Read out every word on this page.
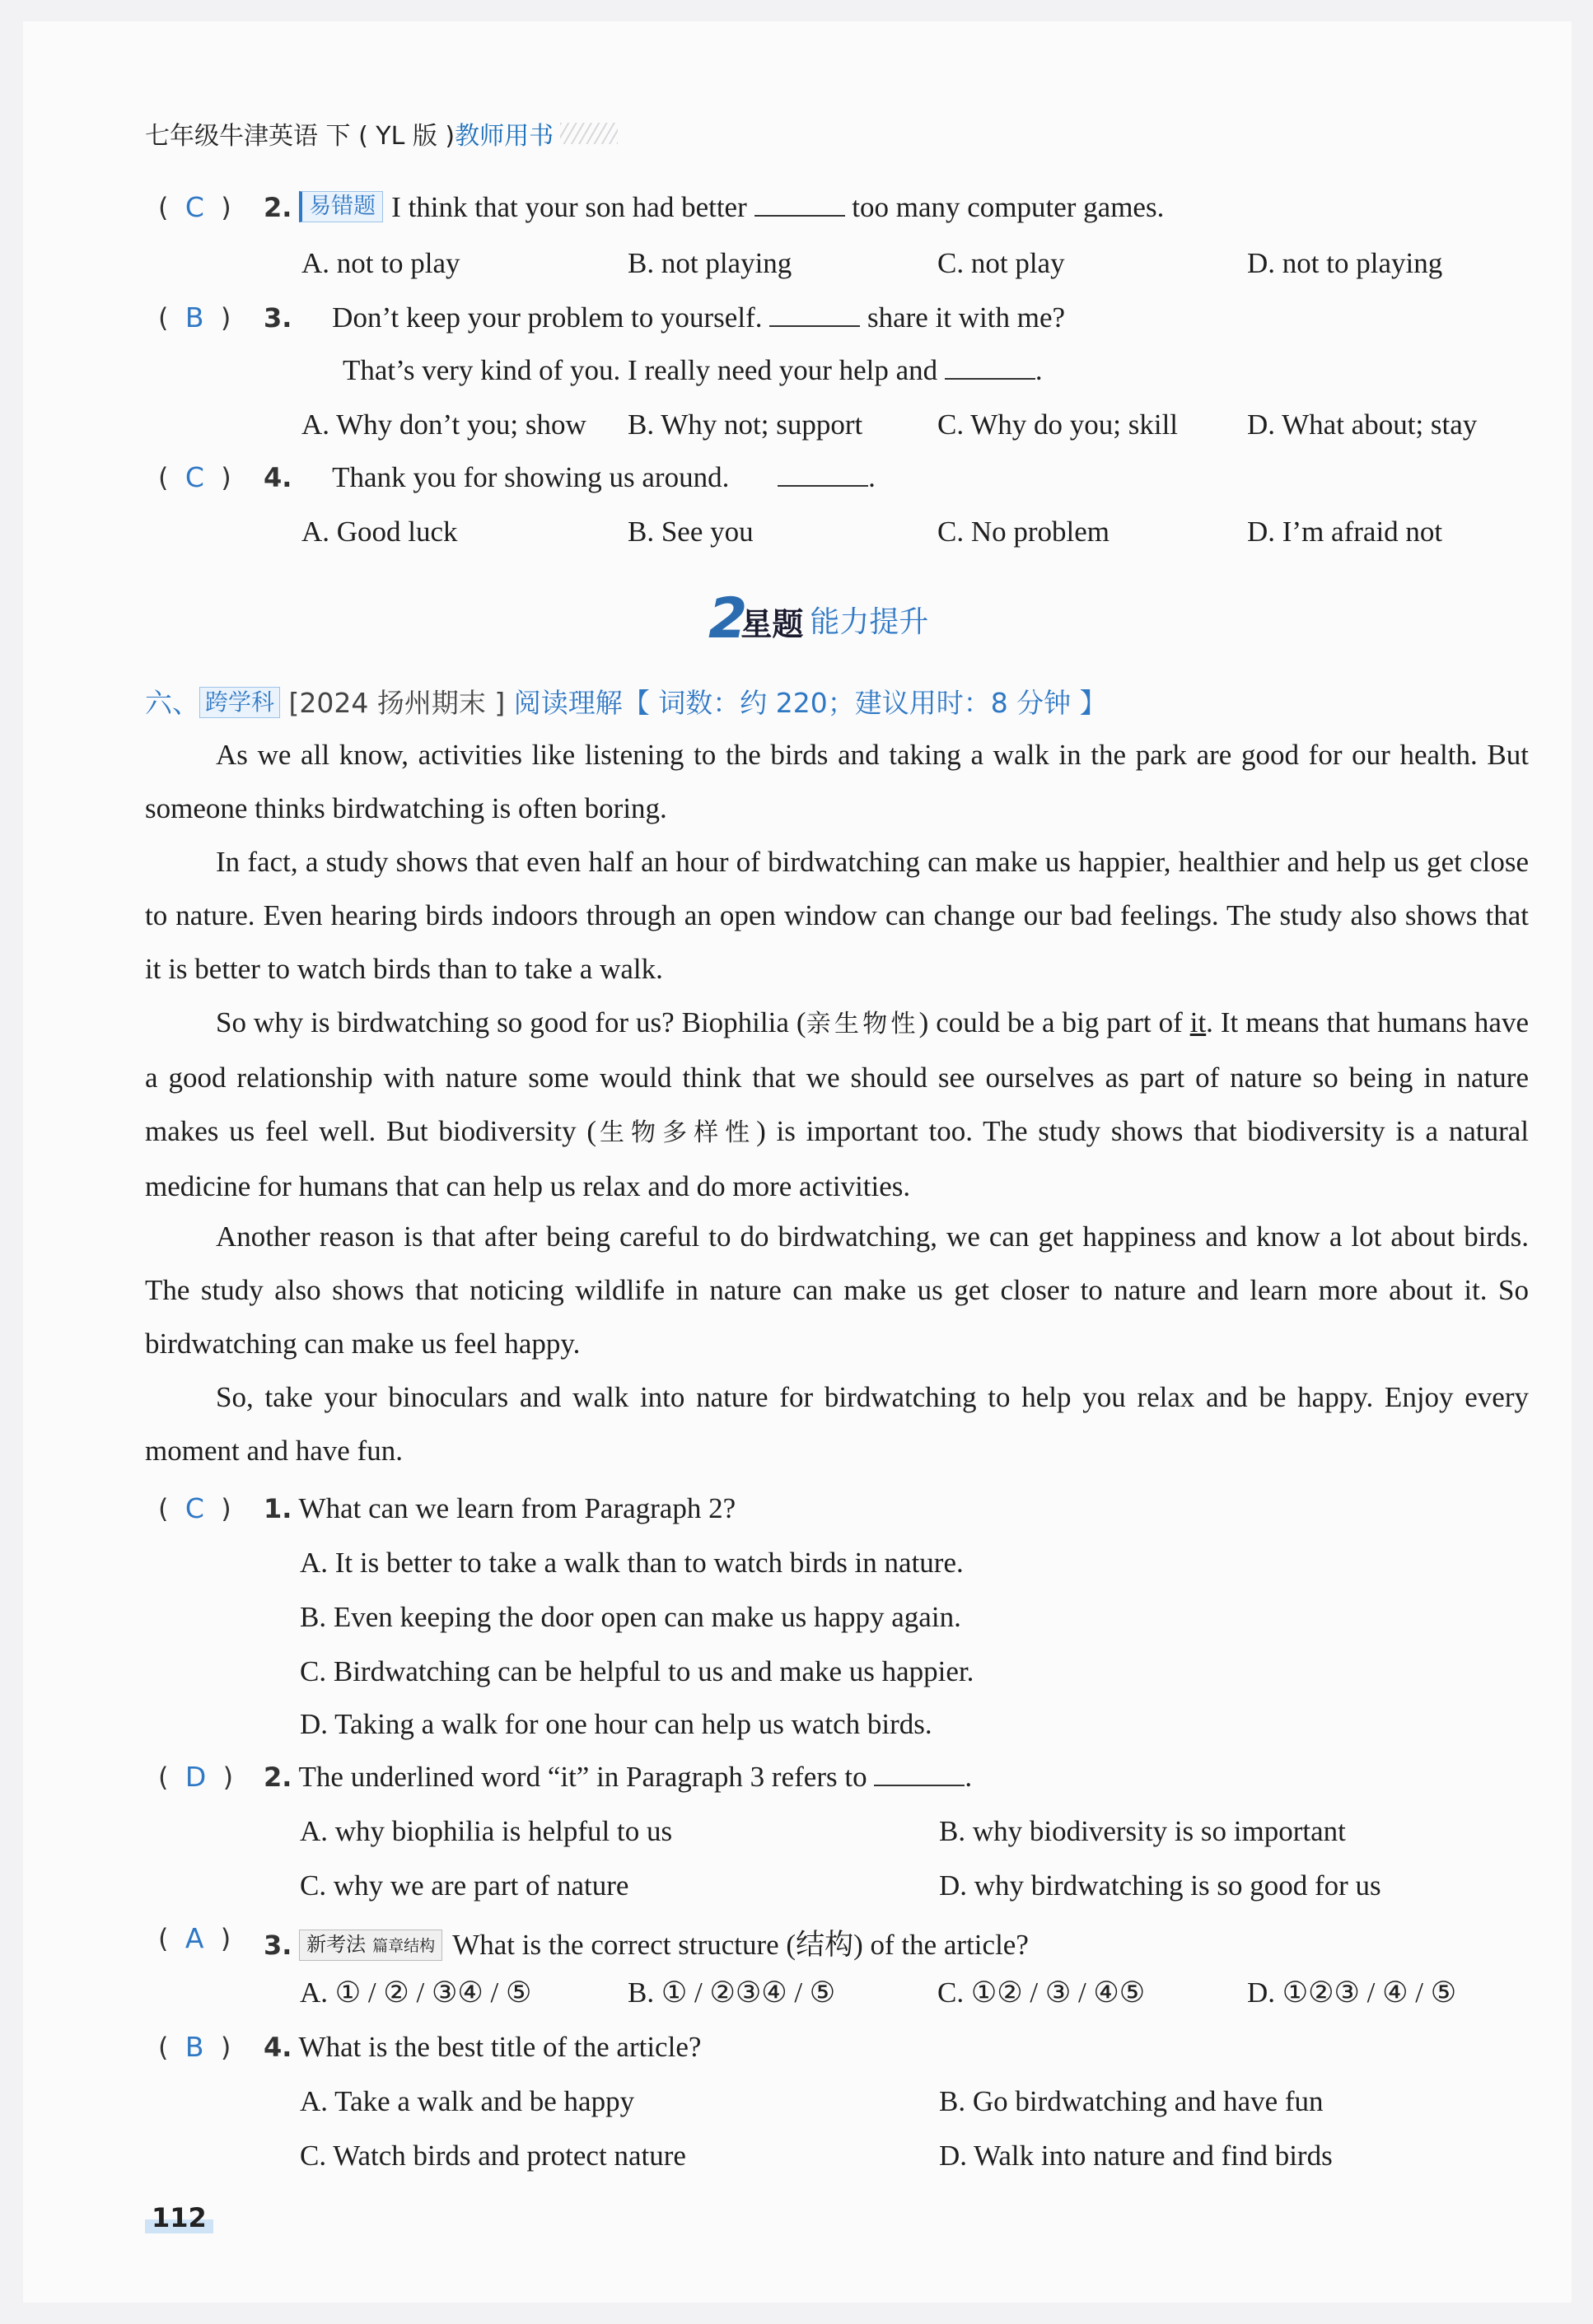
七年级牛津英语 下 ( YL 版 ) 教师用书
(  C  ) 2. 易错题 I think that your son had better	too many computer games.
A. not to play	B. not playing	C. not play	D. not to playing
(  B  ) 3. Don’t keep your problem to yourself.	share it with me?
That’s very kind of you. I really need your help and	.
A. Why don’t you; show B. Why not; support	C. Why do you; skill D. What about; stay
(  C  ) 4. Thank you for showing us around.	.
A. Good luck	B. See you	C. No problem	D. I’m afraid not
2
星题 能力提升
六、 跨学科 [2024 扬州期末 ] 阅读理解【 词数：约 220；建议用时：8 分钟 】
As we all know, activities like listening to the birds and taking a walk in the park are good for our health. But someone thinks birdwatching is often boring.
In fact, a study shows that even half an hour of birdwatching can make us happier, healthier and help us get close to nature. Even hearing birds indoors through an open window can change our bad feelings. The study also shows that it is better to watch birds than to take a walk.
So why is birdwatching so good for us? Biophilia (亲生物性) could be a big part of it. It means that humans have a good relationship with nature some would think that we should see ourselves as part of nature so being in nature makes us feel well. But biodiversity (生物多样性) is important too. The study shows that biodiversity is a natural medicine for humans that can help us relax and do more activities.
Another reason is that after being careful to do birdwatching, we can get happiness and know a lot about birds. The study also shows that noticing wildlife in nature can make us get closer to nature and learn more about it. So birdwatching can make us feel happy.
So, take your binoculars and walk into nature for birdwatching to help you relax and be happy. Enjoy every moment and have fun.
(  C  ) 1. What can we learn from Paragraph 2?
A. It is better to take a walk than to watch birds in nature.
B. Even keeping the door open can make us happy again.
C. Birdwatching can be helpful to us and make us happier.
D. Taking a walk for one hour can help us watch birds.
(  D  ) 2. The underlined word “it” in Paragraph 3 refers to	.
A. why biophilia is helpful to us	B. why biodiversity is so important
C. why we are part of nature	D. why birdwatching is so good for us
(  A  ) 3. 新考法 篇章结构 What is the correct structure (结构) of the article?
A. ① / ② / ③④ / ⑤	B. ① / ②③④ / ⑤	C. ①② / ③ / ④⑤	D. ①②③ / ④ / ⑤
(  B  ) 4. What is the best title of the article?
A. Take a walk and be happy	B. Go birdwatching and have fun
C. Watch birds and protect nature	D. Walk into nature and find birds
112
